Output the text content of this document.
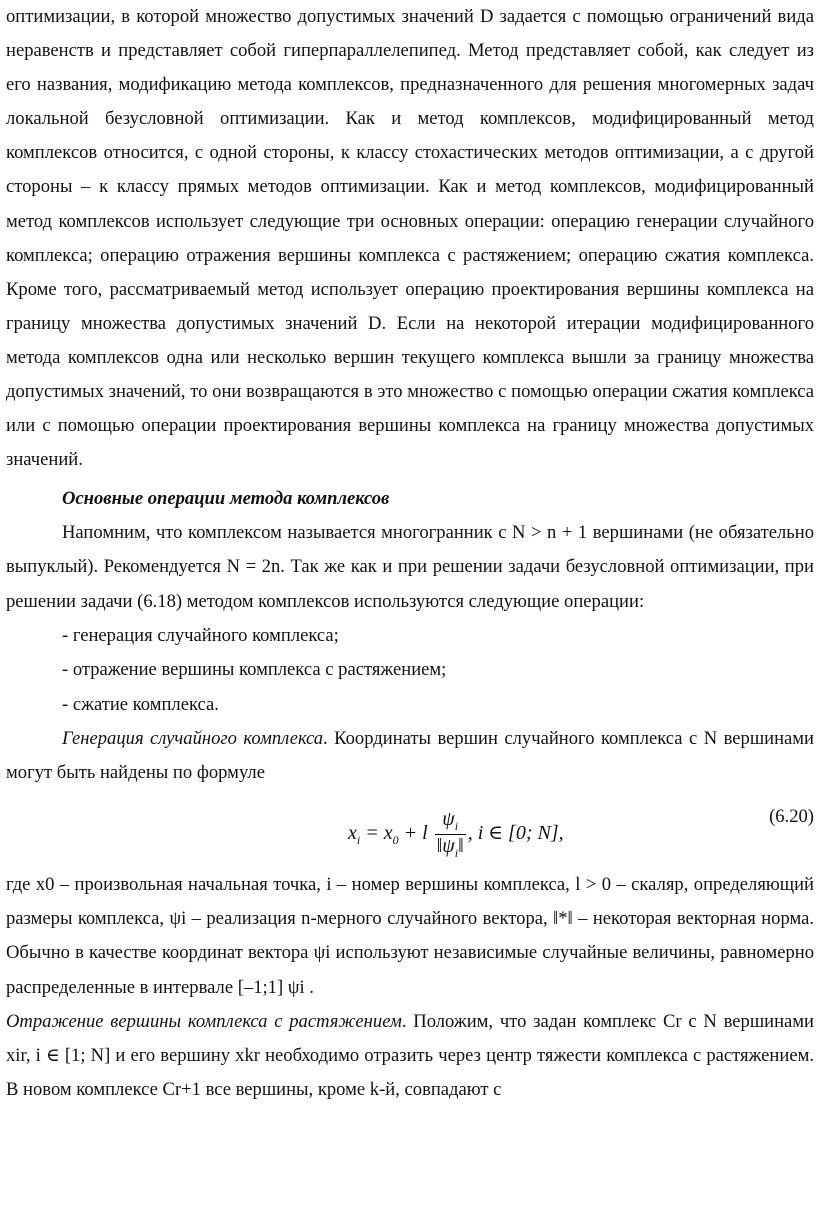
оптимизации, в которой множество допустимых значений D задается с помощью ограничений вида неравенств и представляет собой гиперпараллелепипед. Метод представляет собой, как следует из его названия, модификацию метода комплексов, предназначенного для решения многомерных задач локальной безусловной оптимизации. Как и метод комплексов, модифицированный метод комплексов относится, с одной стороны, к классу стохастических методов оптимизации, а с другой стороны – к классу прямых методов оптимизации. Как и метод комплексов, модифицированный метод комплексов использует следующие три основных операции: операцию генерации случайного комплекса; операцию отражения вершины комплекса с растяжением; операцию сжатия комплекса. Кроме того, рассматриваемый метод использует операцию проектирования вершины комплекса на границу множества допустимых значений D. Если на некоторой итерации модифицированного метода комплексов одна или несколько вершин текущего комплекса вышли за границу множества допустимых значений, то они возвращаются в это множество с помощью операции сжатия комплекса или с помощью операции проектирования вершины комплекса на границу множества допустимых значений.

Основные операции метода комплексов

Напомним, что комплексом называется многогранник с N > n + 1 вершинами (не обязательно выпуклый). Рекомендуется N = 2n. Так же как и при решении задачи безусловной оптимизации, при решении задачи (6.18) методом комплексов используются следующие операции:

- генерация случайного комплекса;

- отражение вершины комплекса с растяжением;

- сжатие комплекса.

Генерация случайного комплекса. Координаты вершин случайного комплекса с N вершинами могут быть найдены по формуле

$x_i = x_0 + l \frac{\psi_i}{‖\psi_i‖}$ , i ∈ [0; N],
(6.20)

где x0 – произвольная начальная точка, i – номер вершины комплекса, l > 0 – скаляр, определяющий размеры комплекса, ψi – реализация n-мерного случайного вектора, ‖*‖ – некоторая векторная норма. Обычно в качестве координат вектора ψi используют независимые случайные величины, равномерно распределенные в интервале [–1;1] ψi .

Отражение вершины комплекса с растяжением. Положим, что задан комплекс Cr с N вершинами xir, i ∈ [1; N] и его вершину xkr необходимо отразить через центр тяжести комплекса с растяжением. В новом комплексе Cr+1 все вершины, кроме k-й, совпадают с
